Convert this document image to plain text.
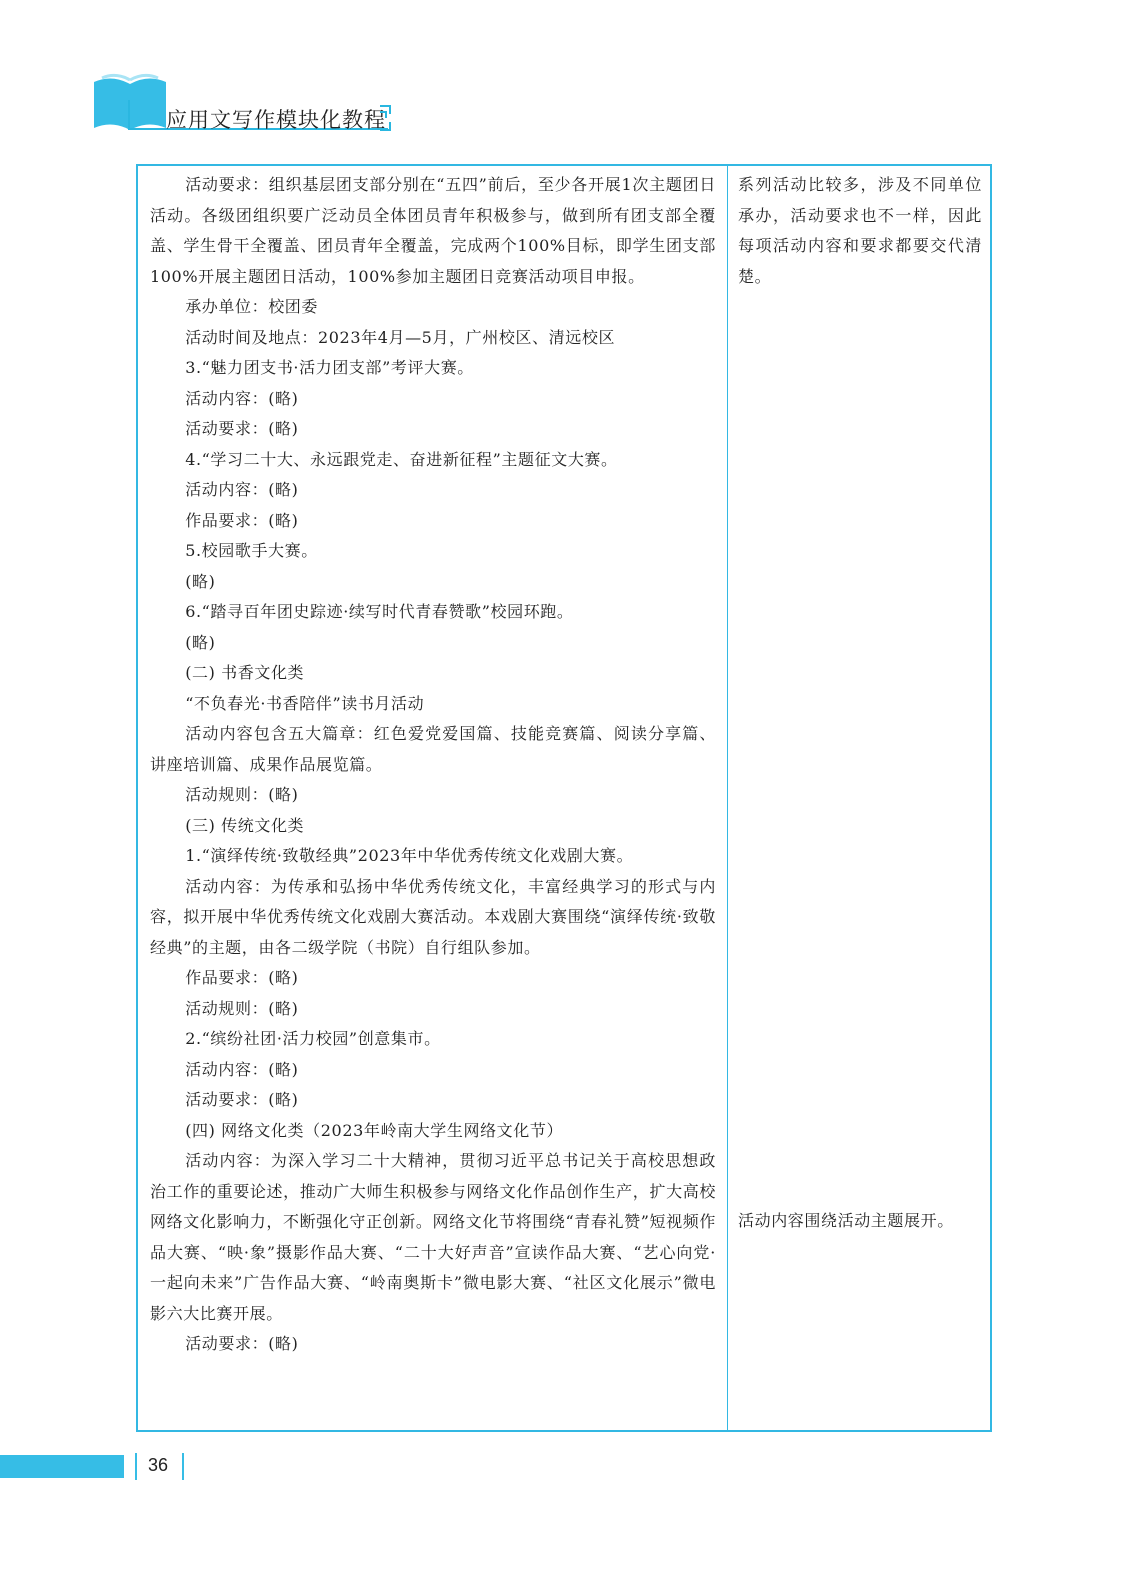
应用文写作模块化教程

活动要求：组织基层团支部分别在“五四”前后，至少各开展1次主题团日活动。各级团组织要广泛动员全体团员青年积极参与，做到所有团支部全覆盖、学生骨干全覆盖、团员青年全覆盖，完成两个100%目标，即学生团支部100%开展主题团日活动，100%参加主题团日竞赛活动项目申报。

承办单位：校团委

活动时间及地点：2023年4月—5月，广州校区、清远校区

3.“魅力团支书·活力团支部”考评大赛。

活动内容：(略)

活动要求：(略)

4.“学习二十大、永远跟党走、奋进新征程”主题征文大赛。

活动内容：(略)

作品要求：(略)

5.校园歌手大赛。

(略)

6.“踏寻百年团史踪迹·续写时代青春赞歌”校园环跑。

(略)

(二) 书香文化类

“不负春光·书香陪伴”读书月活动

活动内容包含五大篇章：红色爱党爱国篇、技能竞赛篇、阅读分享篇、讲座培训篇、成果作品展览篇。

活动规则：(略)

(三) 传统文化类

1.“演绎传统·致敬经典”2023年中华优秀传统文化戏剧大赛。

活动内容：为传承和弘扬中华优秀传统文化，丰富经典学习的形式与内容，拟开展中华优秀传统文化戏剧大赛活动。本戏剧大赛围绕“演绎传统·致敬经典”的主题，由各二级学院（书院）自行组队参加。

作品要求：(略)

活动规则：(略)

2.“缤纷社团·活力校园”创意集市。

活动内容：(略)

活动要求：(略)

(四) 网络文化类（2023年岭南大学生网络文化节）

活动内容：为深入学习二十大精神，贯彻习近平总书记关于高校思想政治工作的重要论述，推动广大师生积极参与网络文化作品创作生产，扩大高校网络文化影响力，不断强化守正创新。网络文化节将围绕“青春礼赞”短视频作品大赛、“映·象”摄影作品大赛、“二十大好声音”宣读作品大赛、“艺心向党·一起向未来”广告作品大赛、“岭南奥斯卡”微电影大赛、“社区文化展示”微电影六大比赛开展。

活动要求：(略)

系列活动比较多，涉及不同单位承办，活动要求也不一样，因此每项活动内容和要求都要交代清楚。
活动内容围绕活动主题展开。
36
